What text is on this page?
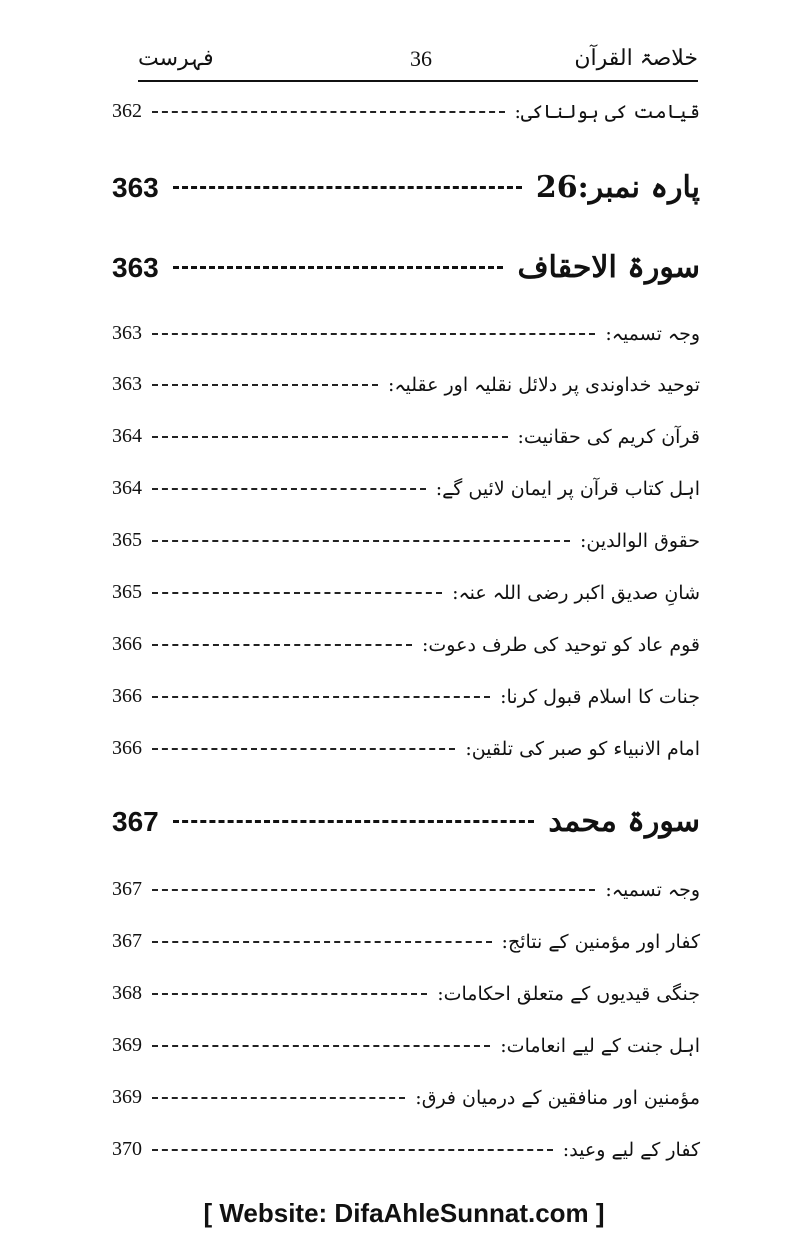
خلاصۃ القرآن
36
فہرست
قیامت کی ہولناکی:
362
پارہ نمبر:26
363
سورۃ الاحقاف
363
وجہ تسمیہ:
363
توحید خداوندی پر دلائل نقلیہ اور عقلیہ:
363
قرآن کریم کی حقانیت:
364
اہل کتاب قرآن پر ایمان لائیں گے:
364
حقوق الوالدین:
365
شانِ صدیق اکبر رضی اللہ عنہ:
365
قوم عاد کو توحید کی طرف دعوت:
366
جنات کا اسلام قبول کرنا:
366
امام الانبیاء کو صبر کی تلقین:
366
سورۃ محمد
367
وجہ تسمیہ:
367
کفار اور مؤمنین کے نتائج:
367
جنگی قیدیوں کے متعلق احکامات:
368
اہل جنت کے لیے انعامات:
369
مؤمنین اور منافقین کے درمیان فرق:
369
کفار کے لیے وعید:
370
[ Website: DifaAhleSunnat.com ]
